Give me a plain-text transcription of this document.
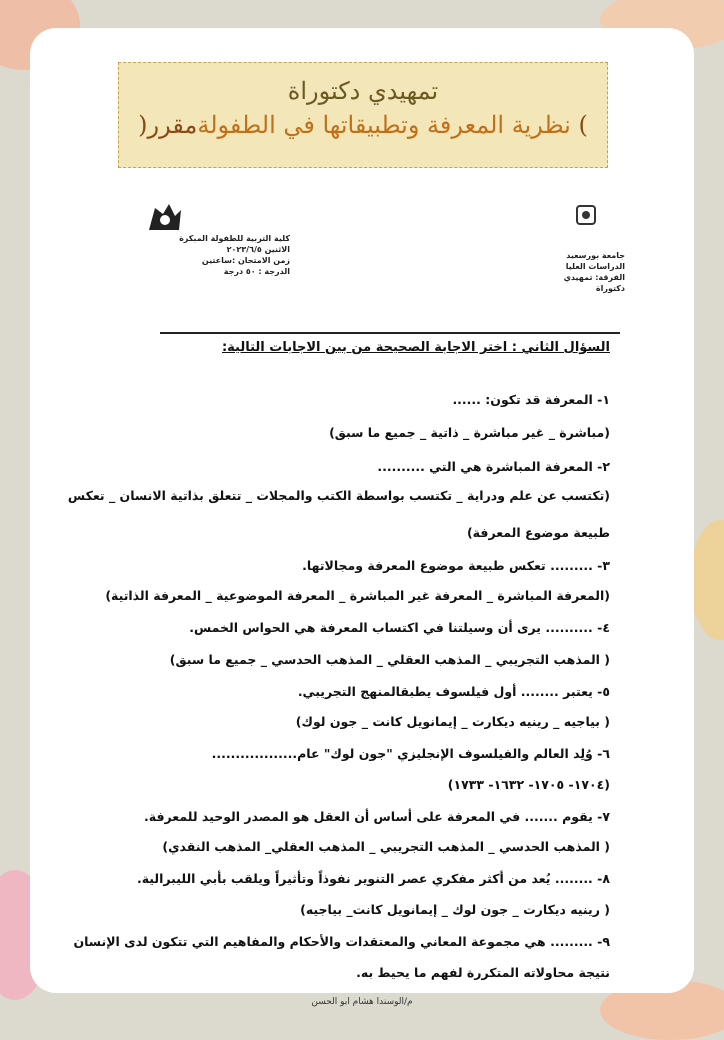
تمهيدي دكتوراة
) نظرية المعرفة وتطبيقاتها في الطفولةمقرر (
كلية التربية للطفولة المبكرة
الاثنين ٢٠٢٣/٦/٥
زمن الامتحان :ساعتين
الدرجة : ٥٠ درجة
جامعة بورسعيد
الدراسات العليا
الفرقة: تمهيدي دكتوراة
السؤال الثاني : اختر الاجابة الصحيحة من بين الاجابات التالية:
١- المعرفة قد تكون: ......
(مباشرة _ غير مباشرة _ ذاتية _ جميع ما سبق)
٢- المعرفة المباشرة هي التي ..........
(تكتسب عن علم ودراية _ تكتسب بواسطة الكتب والمجلات _ تتعلق بذاتية الانسان _ تعكس
طبيعة موضوع المعرفة)
٣- ......... تعكس طبيعة موضوع المعرفة ومجالاتها.
(المعرفة المباشرة _ المعرفة غير المباشرة _ المعرفة الموضوعية _ المعرفة الذاتية)
٤- .......... يرى أن وسيلتنا في اكتساب المعرفة هي الحواس الخمس.
( المذهب التجريبي _ المذهب العقلي _ المذهب الحدسي _ جميع ما سبق)
٥- يعتبر ........ أول فيلسوف يطبقالمنهج التجريبي.
( بياجيه _ رينيه ديكارت _ إيمانويل كانت _ جون لوك)
٦- وُلِد العالم والفيلسوف الإنجليزي "جون لوك" عام..................
(١٧٠٤- ١٧٠٥- ١٦٣٢- ١٧٣٣)
٧- يقوم ....... في المعرفة على أساس أن العقل هو المصدر الوحيد للمعرفة.
( المذهب الحدسي _ المذهب التجريبي _ المذهب العقلي_ المذهب النقدي)
٨- ........ يُعد من أكثر مفكري عصر التنوير نفوذاً وتأثيراً ويلقب بأبي الليبرالية.
( رينيه ديكارت _ جون لوك _ إيمانويل كانت_ بياجيه)
٩- ......... هي مجموعة المعاني والمعتقدات والأحكام والمفاهيم التي تتكون لدى الإنسان
نتيجة محاولاته المتكررة لفهم ما يحيط به.
م/الوسندا هشام ابو الحسن
